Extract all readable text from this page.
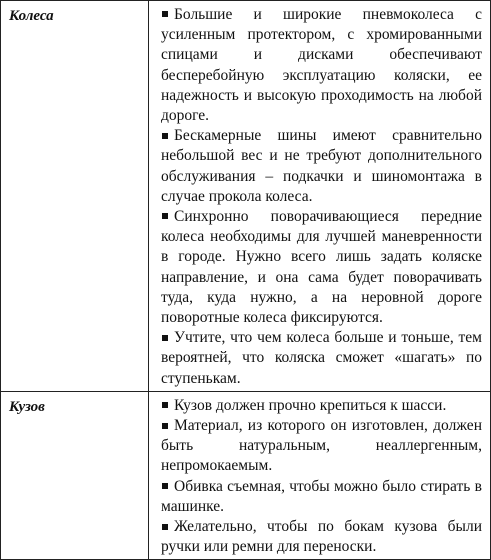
Колеса	Большие и широкие пневмоколеса с усиленным протектором, с хромированными спицами и дисками обеспечивают бесперебойную эксплуатацию коляски, ее надежность и высокую проходимость на любой дороге.

Бескамерные шины имеют сравнительно небольшой вес и не требуют дополнительного обслуживания – подкачки и шиномонтажа в случае прокола колеса.

Синхронно поворачивающиеся передние колеса необходимы для лучшей маневренности в городе. Нужно всего лишь задать коляске направление, и она сама будет поворачивать туда, куда нужно, а на неровной дороге поворотные колеса фиксируются.

Учтите, что чем колеса больше и тоньше, тем вероятней, что коляска сможет «шагать» по ступенькам.

Кузов	Кузов должен прочно крепиться к шасси.

Материал, из которого он изготовлен, должен быть натуральным, неаллергенным, непромокаемым.

Обивка съемная, чтобы можно было стирать в машинке.

Желательно, чтобы по бокам кузова были ручки или ремни для переноски.
